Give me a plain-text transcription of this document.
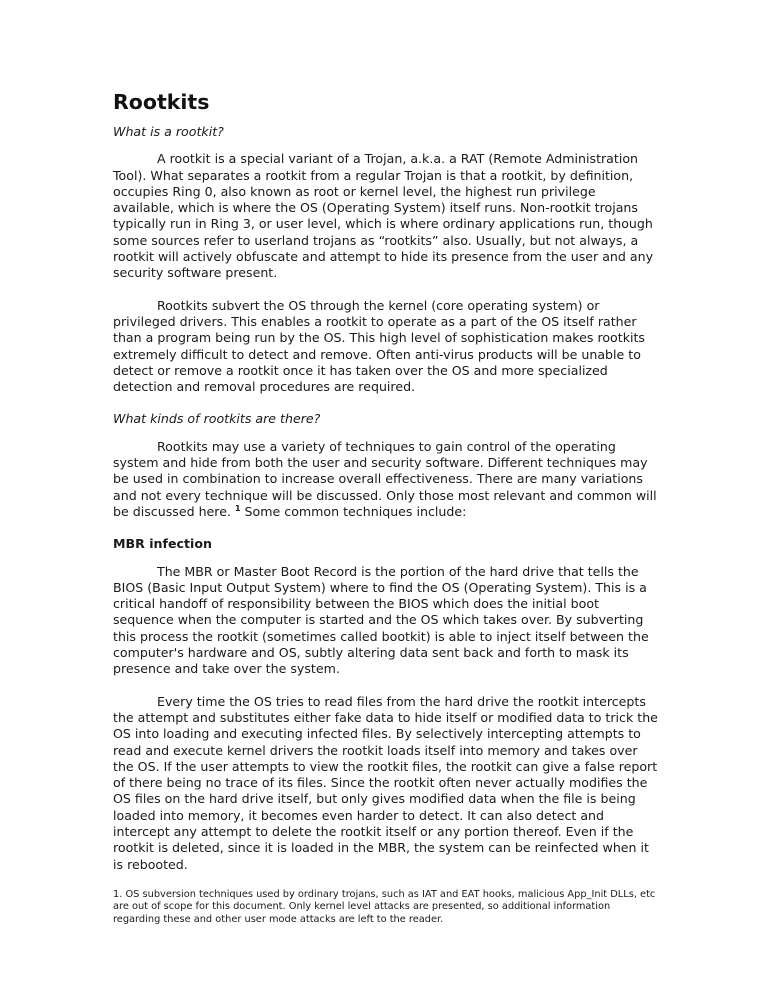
Rootkits

What is a rootkit?

A rootkit is a special variant of a Trojan, a.k.a. a RAT (Remote Administration Tool). What separates a rootkit from a regular Trojan is that a rootkit, by definition, occupies Ring 0, also known as root or kernel level, the highest run privilege available, which is where the OS (Operating System) itself runs. Non-rootkit trojans typically run in Ring 3, or user level, which is where ordinary applications run, though some sources refer to userland trojans as “rootkits” also. Usually, but not always, a rootkit will actively obfuscate and attempt to hide its presence from the user and any security software present.

Rootkits subvert the OS through the kernel (core operating system) or privileged drivers. This enables a rootkit to operate as a part of the OS itself rather than a program being run by the OS. This high level of sophistication makes rootkits extremely difficult to detect and remove. Often anti-virus products will be unable to detect or remove a rootkit once it has taken over the OS and more specialized detection and removal procedures are required.

What kinds of rootkits are there?

Rootkits may use a variety of techniques to gain control of the operating system and hide from both the user and security software. Different techniques may be used in combination to increase overall effectiveness. There are many variations and not every technique will be discussed. Only those most relevant and common will be discussed here. $^1$ Some common techniques include:

MBR infection

The MBR or Master Boot Record is the portion of the hard drive that tells the BIOS (Basic Input Output System) where to find the OS (Operating System). This is a critical handoff of responsibility between the BIOS which does the initial boot sequence when the computer is started and the OS which takes over. By subverting this process the rootkit (sometimes called bootkit) is able to inject itself between the computer's hardware and OS, subtly altering data sent back and forth to mask its presence and take over the system.

Every time the OS tries to read files from the hard drive the rootkit intercepts the attempt and substitutes either fake data to hide itself or modified data to trick the OS into loading and executing infected files. By selectively intercepting attempts to read and execute kernel drivers the rootkit loads itself into memory and takes over the OS. If the user attempts to view the rootkit files, the rootkit can give a false report of there being no trace of its files. Since the rootkit often never actually modifies the OS files on the hard drive itself, but only gives modified data when the file is being loaded into memory, it becomes even harder to detect. It can also detect and intercept any attempt to delete the rootkit itself or any portion thereof. Even if the rootkit is deleted, since it is loaded in the MBR, the system can be reinfected when it is rebooted.

1. OS subversion techniques used by ordinary trojans, such as IAT and EAT hooks, malicious App_Init DLLs, etc are out of scope for this document. Only kernel level attacks are presented, so additional information regarding these and other user mode attacks are left to the reader.
